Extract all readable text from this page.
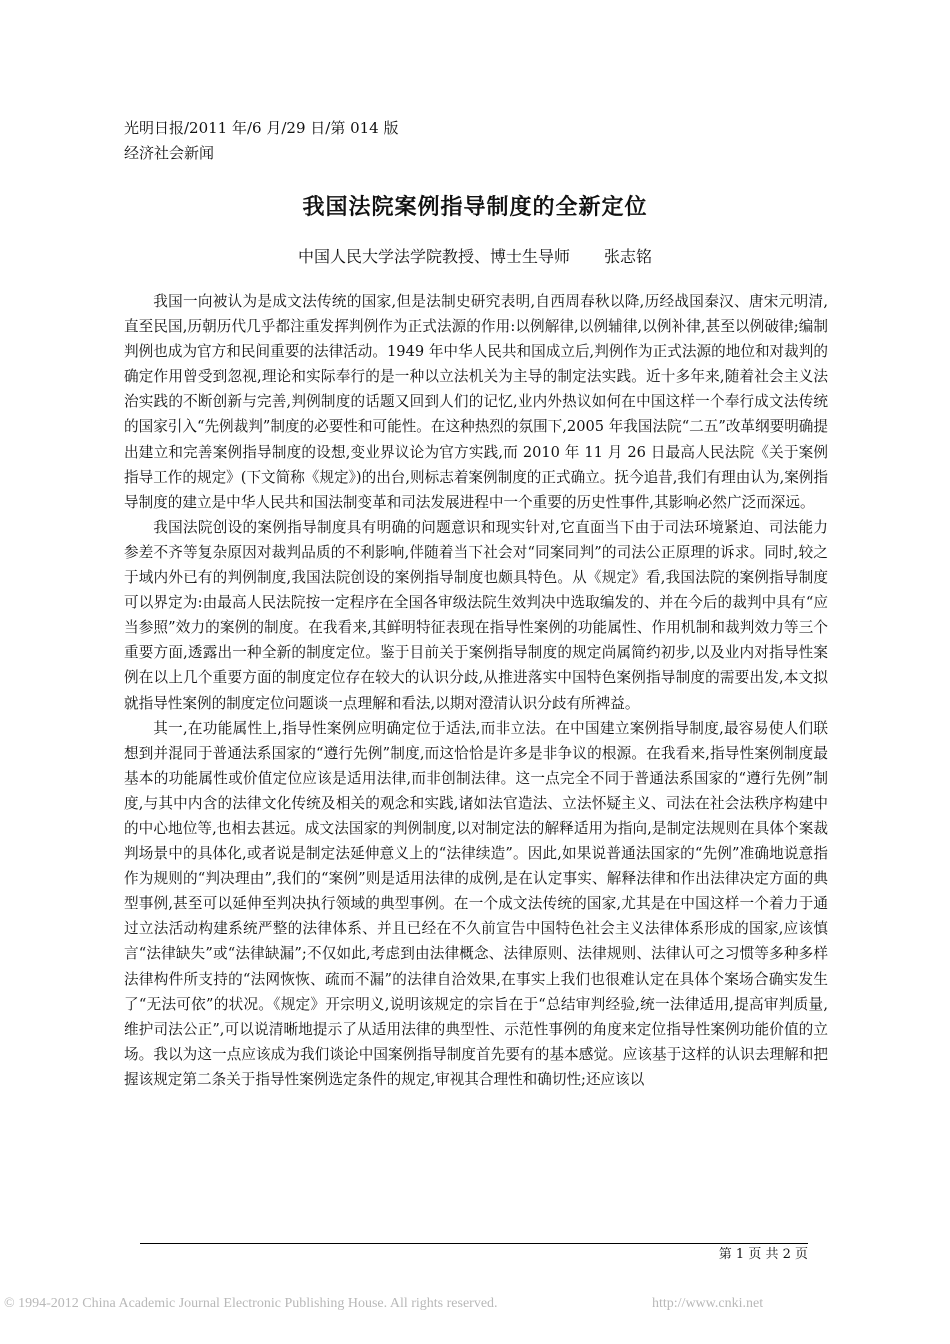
光明日报/2011 年/6 月/29 日/第 014 版
经济社会新闻
我国法院案例指导制度的全新定位
中国人民大学法学院教授、博士生导师 张志铭

我国一向被认为是成文法传统的国家,但是法制史研究表明,自西周春秋以降,历经战国秦汉、唐宋元明清,直至民国,历朝历代几乎都注重发挥判例作为正式法源的作用:以例解律,以例辅律,以例补律,甚至以例破律;编制判例也成为官方和民间重要的法律活动。1949 年中华人民共和国成立后,判例作为正式法源的地位和对裁判的确定作用曾受到忽视,理论和实际奉行的是一种以立法机关为主导的制定法实践。近十多年来,随着社会主义法治实践的不断创新与完善,判例制度的话题又回到人们的记忆,业内外热议如何在中国这样一个奉行成文法传统的国家引入“先例裁判”制度的必要性和可能性。在这种热烈的氛围下,2005 年我国法院“二五”改革纲要明确提出建立和完善案例指导制度的设想,变业界议论为官方实践,而 2010 年 11 月 26 日最高人民法院《关于案例指导工作的规定》(下文简称《规定》)的出台,则标志着案例制度的正式确立。抚今追昔,我们有理由认为,案例指导制度的建立是中华人民共和国法制变革和司法发展进程中一个重要的历史性事件,其影响必然广泛而深远。

我国法院创设的案例指导制度具有明确的问题意识和现实针对,它直面当下由于司法环境紧迫、司法能力参差不齐等复杂原因对裁判品质的不利影响,伴随着当下社会对“同案同判”的司法公正原理的诉求。同时,较之于域内外已有的判例制度,我国法院创设的案例指导制度也颇具特色。从《规定》看,我国法院的案例指导制度可以界定为:由最高人民法院按一定程序在全国各审级法院生效判决中选取编发的、并在今后的裁判中具有“应当参照”效力的案例的制度。在我看来,其鲜明特征表现在指导性案例的功能属性、作用机制和裁判效力等三个重要方面,透露出一种全新的制度定位。鉴于目前关于案例指导制度的规定尚属简约初步,以及业内对指导性案例在以上几个重要方面的制度定位存在较大的认识分歧,从推进落实中国特色案例指导制度的需要出发,本文拟就指导性案例的制度定位问题谈一点理解和看法,以期对澄清认识分歧有所裨益。

其一,在功能属性上,指导性案例应明确定位于适法,而非立法。在中国建立案例指导制度,最容易使人们联想到并混同于普通法系国家的“遵行先例”制度,而这恰恰是许多是非争议的根源。在我看来,指导性案例制度最基本的功能属性或价值定位应该是适用法律,而非创制法律。这一点完全不同于普通法系国家的“遵行先例”制度,与其中内含的法律文化传统及相关的观念和实践,诸如法官造法、立法怀疑主义、司法在社会法秩序构建中的中心地位等,也相去甚远。成文法国家的判例制度,以对制定法的解释适用为指向,是制定法规则在具体个案裁判场景中的具体化,或者说是制定法延伸意义上的“法律续造”。因此,如果说普通法国家的“先例”准确地说意指作为规则的“判决理由”,我们的“案例”则是适用法律的成例,是在认定事实、解释法律和作出法律决定方面的典型事例,甚至可以延伸至判决执行领域的典型事例。在一个成文法传统的国家,尤其是在中国这样一个着力于通过立法活动构建系统严整的法律体系、并且已经在不久前宣告中国特色社会主义法律体系形成的国家,应该慎言“法律缺失”或“法律缺漏”;不仅如此,考虑到由法律概念、法律原则、法律规则、法律认可之习惯等多种多样法律构件所支持的“法网恢恢、疏而不漏”的法律自洽效果,在事实上我们也很难认定在具体个案场合确实发生了“无法可依”的状况。《规定》开宗明义,说明该规定的宗旨在于“总结审判经验,统一法律适用,提高审判质量,维护司法公正”,可以说清晰地提示了从适用法律的典型性、示范性事例的角度来定位指导性案例功能价值的立场。我以为这一点应该成为我们谈论中国案例指导制度首先要有的基本感觉。应该基于这样的认识去理解和把握该规定第二条关于指导性案例选定条件的规定,审视其合理性和确切性;还应该以

第 1 页 共 2 页
© 1994-2012 China Academic Journal Electronic Publishing House. All rights reserved.	http://www.cnki.net
